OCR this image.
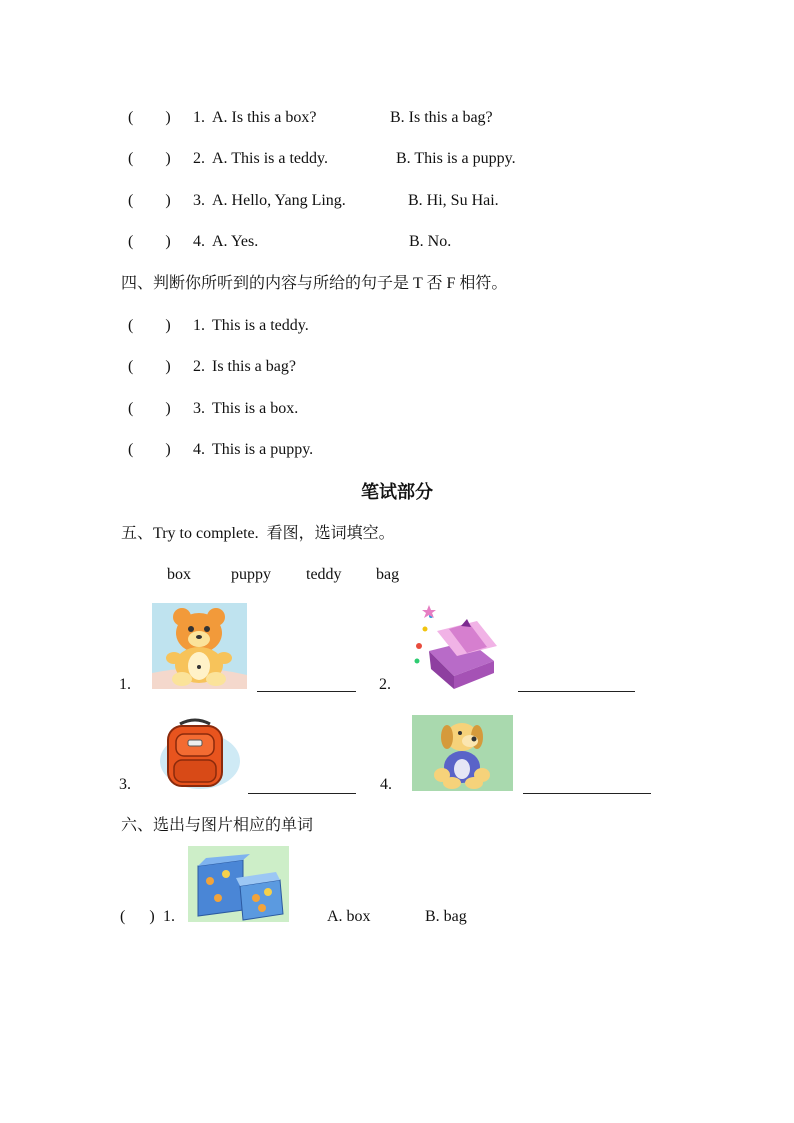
(        ) 1. A. Is this a box?	B. Is this a bag?
(        ) 2. A. This is a teddy.	B. This is a puppy.
(        ) 3. A. Hello, Yang Ling.	B. Hi, Su Hai.
(        ) 4. A. Yes.	B. No.
四、判断你所听到的内容与所给的句子是 T 否 F 相符。
(        ) 1. This is a teddy.
(        ) 2. Is this a bag?
(        ) 3. This is a box.
(        ) 4. This is a puppy.
笔试部分
五、Try to complete.  看图，选词填空。
box	puppy teddy bag
1.	2.
3.	4.
六、选出与图片相应的单词
(      ) 1.	A. box	B. bag
